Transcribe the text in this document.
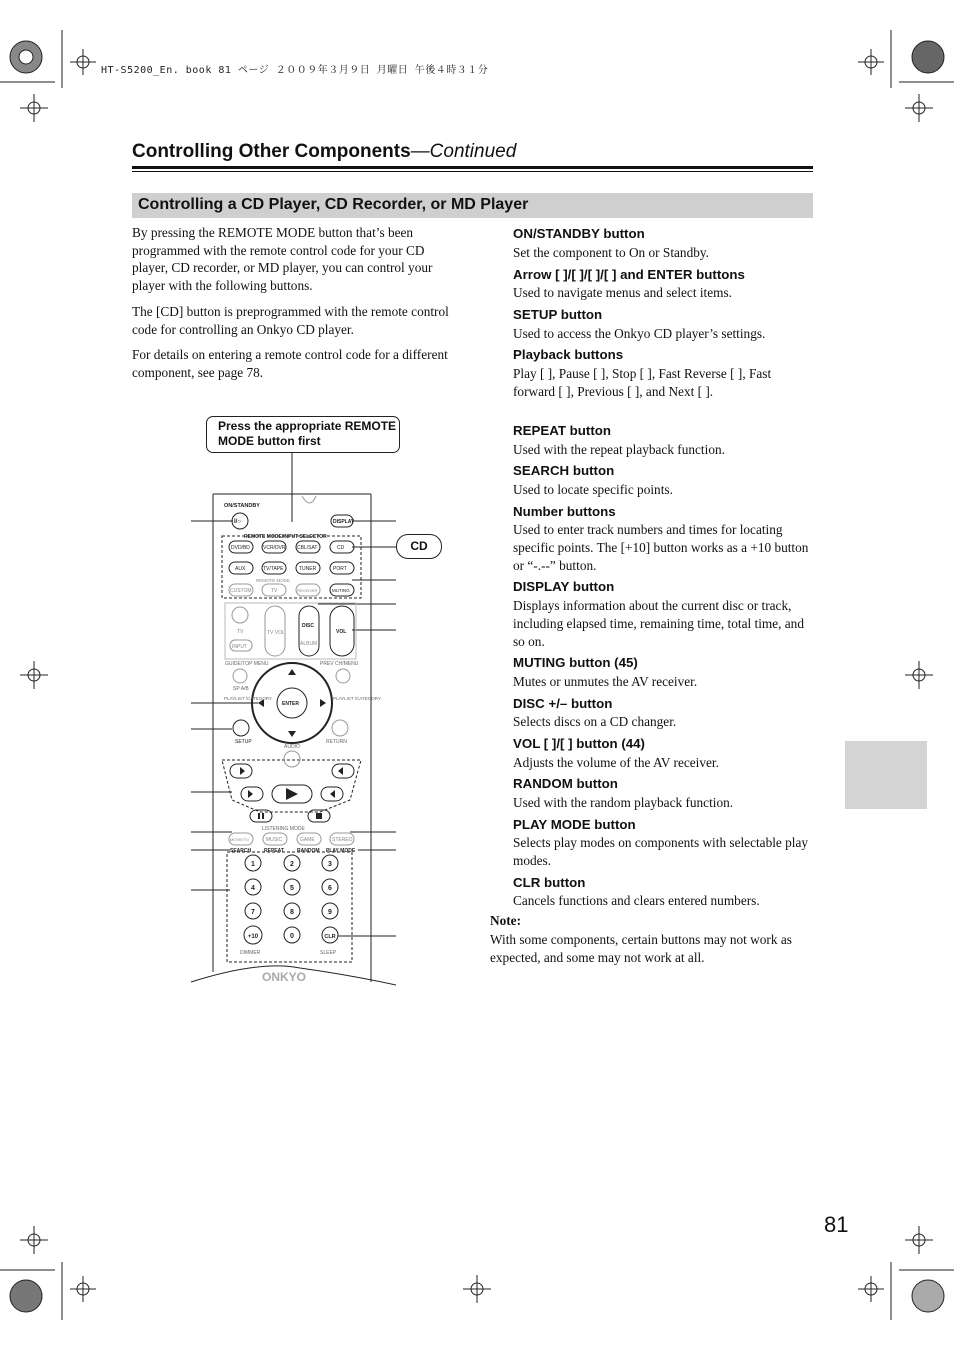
HT-S5200_En. book 81 ページ ２００９年３月９日 月曜日 午後４時３１分
Controlling Other Components—Continued
Controlling a CD Player, CD Recorder, or MD Player

By pressing the REMOTE MODE button that’s been programmed with the remote control code for your CD player, CD recorder, or MD player, you can control your player with the following buttons.

The [CD] button is preprogrammed with the remote control code for controlling an Onkyo CD player.

For details on entering a remote control code for a different component, see page 78.

Press the appropriate REMOTE MODE button first
CD
ON/STANDBY
I/○	DISPLAY
REMOTE MODE/INPUT SELECTOR
DVD/BD	VCR/DVR CBL/SAT	CD
AUX	TV/TAPE	TUNER	PORT
REMOTE MODE
CUSTOM	TV	RECEIVER	MUTING
TV
INPUT
TV VOL
DISC
ALBUM
VOL
GUIDE/TOP MENU	PREV CH/MENU
SP A/B
ENTER
PLAYLIST /CATEGORY	PLAYLIST /CATEGORY
SETUP
AUDIO
RETURN
LISTENING MODE
MOVIE/TV	MUSIC	GAME	STEREO
SEARCH	REPEAT	RANDOM PLAY MODE
1	2	3
4	5	6
7	8	9
+10	0	CLR
DIMMER	SLEEP
ONKYO
ON/STANDBY button
Set the component to On or Standby.
Arrow [ ]/[ ]/[ ]/[ ] and ENTER buttons
Used to navigate menus and select items.
SETUP button
Used to access the Onkyo CD player’s settings.
Playback buttons
Play [ ], Pause [ ], Stop [ ], Fast Reverse [ ], Fast forward [ ], Previous [ ], and Next [ ].
REPEAT button
Used with the repeat playback function.
SEARCH button
Used to locate specific points.
Number buttons
Used to enter track numbers and times for locating specific points. The [+10] button works as a +10 button or “-.--” button.
DISPLAY button
Displays information about the current disc or track, including elapsed time, remaining time, total time, and so on.
MUTING button (45)
Mutes or unmutes the AV receiver.
DISC +/– button
Selects discs on a CD changer.
VOL [ ]/[ ] button (44)
Adjusts the volume of the AV receiver.
RANDOM button
Used with the random playback function.
PLAY MODE button
Selects play modes on components with selectable play modes.
CLR button
Cancels functions and clears entered numbers.
Note:
With some components, certain buttons may not work as expected, and some may not work at all.
81
